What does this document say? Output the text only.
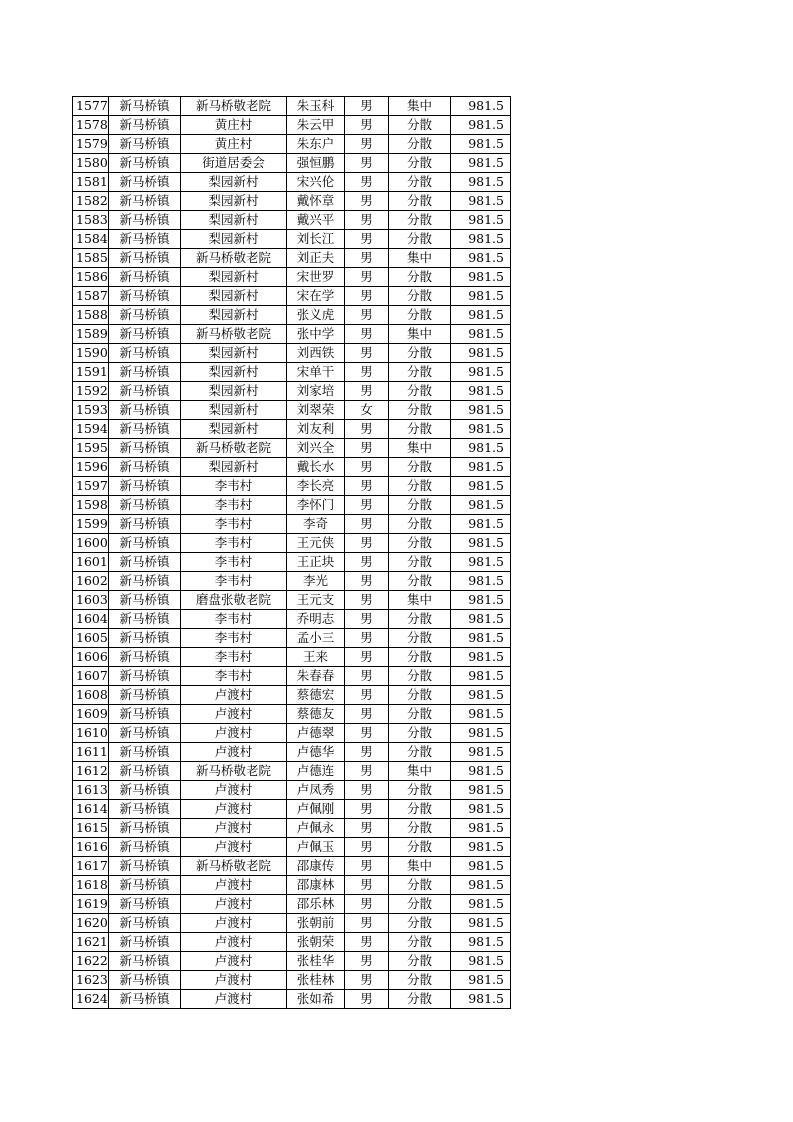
1577	新马桥镇	新马桥敬老院	朱玉科	男	集中	981.5
1578	新马桥镇	黄庄村	朱云甲	男	分散	981.5
1579	新马桥镇	黄庄村	朱东户	男	分散	981.5
1580	新马桥镇	街道居委会	强恒鹏	男	分散	981.5
1581	新马桥镇	梨园新村	宋兴伦	男	分散	981.5
1582	新马桥镇	梨园新村	戴怀章	男	分散	981.5
1583	新马桥镇	梨园新村	戴兴平	男	分散	981.5
1584	新马桥镇	梨园新村	刘长江	男	分散	981.5
1585	新马桥镇	新马桥敬老院	刘正夫	男	集中	981.5
1586	新马桥镇	梨园新村	宋世罗	男	分散	981.5
1587	新马桥镇	梨园新村	宋在学	男	分散	981.5
1588	新马桥镇	梨园新村	张义虎	男	分散	981.5
1589	新马桥镇	新马桥敬老院	张中学	男	集中	981.5
1590	新马桥镇	梨园新村	刘西铁	男	分散	981.5
1591	新马桥镇	梨园新村	宋单干	男	分散	981.5
1592	新马桥镇	梨园新村	刘家培	男	分散	981.5
1593	新马桥镇	梨园新村	刘翠荣	女	分散	981.5
1594	新马桥镇	梨园新村	刘友利	男	分散	981.5
1595	新马桥镇	新马桥敬老院	刘兴全	男	集中	981.5
1596	新马桥镇	梨园新村	戴长水	男	分散	981.5
1597	新马桥镇	李韦村	李长亮	男	分散	981.5
1598	新马桥镇	李韦村	李怀门	男	分散	981.5
1599	新马桥镇	李韦村	李奇	男	分散	981.5
1600	新马桥镇	李韦村	王元侠	男	分散	981.5
1601	新马桥镇	李韦村	王正块	男	分散	981.5
1602	新马桥镇	李韦村	李光	男	分散	981.5
1603	新马桥镇	磨盘张敬老院	王元支	男	集中	981.5
1604	新马桥镇	李韦村	乔明志	男	分散	981.5
1605	新马桥镇	李韦村	孟小三	男	分散	981.5
1606	新马桥镇	李韦村	王来	男	分散	981.5
1607	新马桥镇	李韦村	朱春春	男	分散	981.5
1608	新马桥镇	卢渡村	蔡德宏	男	分散	981.5
1609	新马桥镇	卢渡村	蔡德友	男	分散	981.5
1610	新马桥镇	卢渡村	卢德翠	男	分散	981.5
1611	新马桥镇	卢渡村	卢德华	男	分散	981.5
1612	新马桥镇	新马桥敬老院	卢德连	男	集中	981.5
1613	新马桥镇	卢渡村	卢凤秀	男	分散	981.5
1614	新马桥镇	卢渡村	卢佩刚	男	分散	981.5
1615	新马桥镇	卢渡村	卢佩永	男	分散	981.5
1616	新马桥镇	卢渡村	卢佩玉	男	分散	981.5
1617	新马桥镇	新马桥敬老院	邵康传	男	集中	981.5
1618	新马桥镇	卢渡村	邵康林	男	分散	981.5
1619	新马桥镇	卢渡村	邵乐林	男	分散	981.5
1620	新马桥镇	卢渡村	张朝前	男	分散	981.5
1621	新马桥镇	卢渡村	张朝荣	男	分散	981.5
1622	新马桥镇	卢渡村	张桂华	男	分散	981.5
1623	新马桥镇	卢渡村	张桂林	男	分散	981.5
1624	新马桥镇	卢渡村	张如希	男	分散	981.5
